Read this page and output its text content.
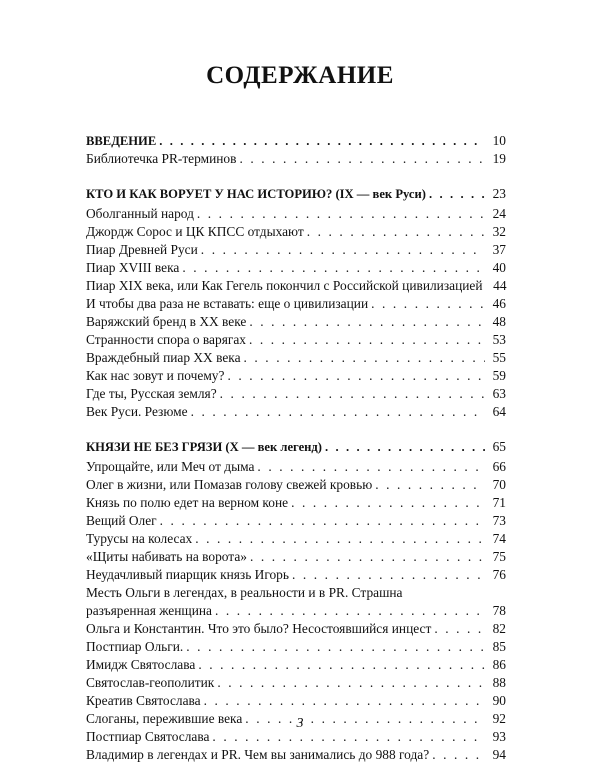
СОДЕРЖАНИЕ
ВВЕДЕНИЕ . . .	10
Библиотечка PR-терминов . . .	19
КТО И КАК ВОРУЕТ У НАС ИСТОРИЮ? (IX — век Руси) . . .	23
Оболганный народ . . .	24
Джордж Сорос и ЦК КПСС отдыхают . . .	32
Пиар Древней Руси . . .	37
Пиар XVIII века . . .	40
Пиар XIX века, или Как Гегель покончил с Российской цивилизацией 44
И чтобы два раза не вставать: еще о цивилизации . . .	46
Варяжский бренд в XX веке . . .	48
Странности спора о варягах . . .	53
Враждебный пиар XX века . . .	55
Как нас зовут и почему? . . .	59
Где ты, Русская земля? . . .	63
Век Руси. Резюме . . .	64
КНЯЗИ НЕ БЕЗ ГРЯЗИ (X — век легенд) . . .	65
Упрощайте, или Меч от дыма . . .	66
Олег в жизни, или Помазав голову свежей кровью . . .	70
Князь по полю едет на верном коне . . .	71
Вещий Олег . . .	73
Турусы на колесах . . .	74
«Щиты набивать на ворота» . . .	75
Неудачливый пиарщик князь Игорь . . .	76
Месть Ольги в легендах, в реальности и в PR. Страшна
разъяренная женщина . . .	78
Ольга и Константин. Что это было? Несостоявшийся инцест . . .	82
Постпиар Ольги. . . .	85
Имидж Святослава . . .	86
Святослав-геополитик . . .	88
Креатив Святослава . . .	90
Слоганы, пережившие века . . .	92
Постпиар Святослава . . .	93
Владимир в легендах и PR. Чем вы занимались до 988 года? . . .	94
3
